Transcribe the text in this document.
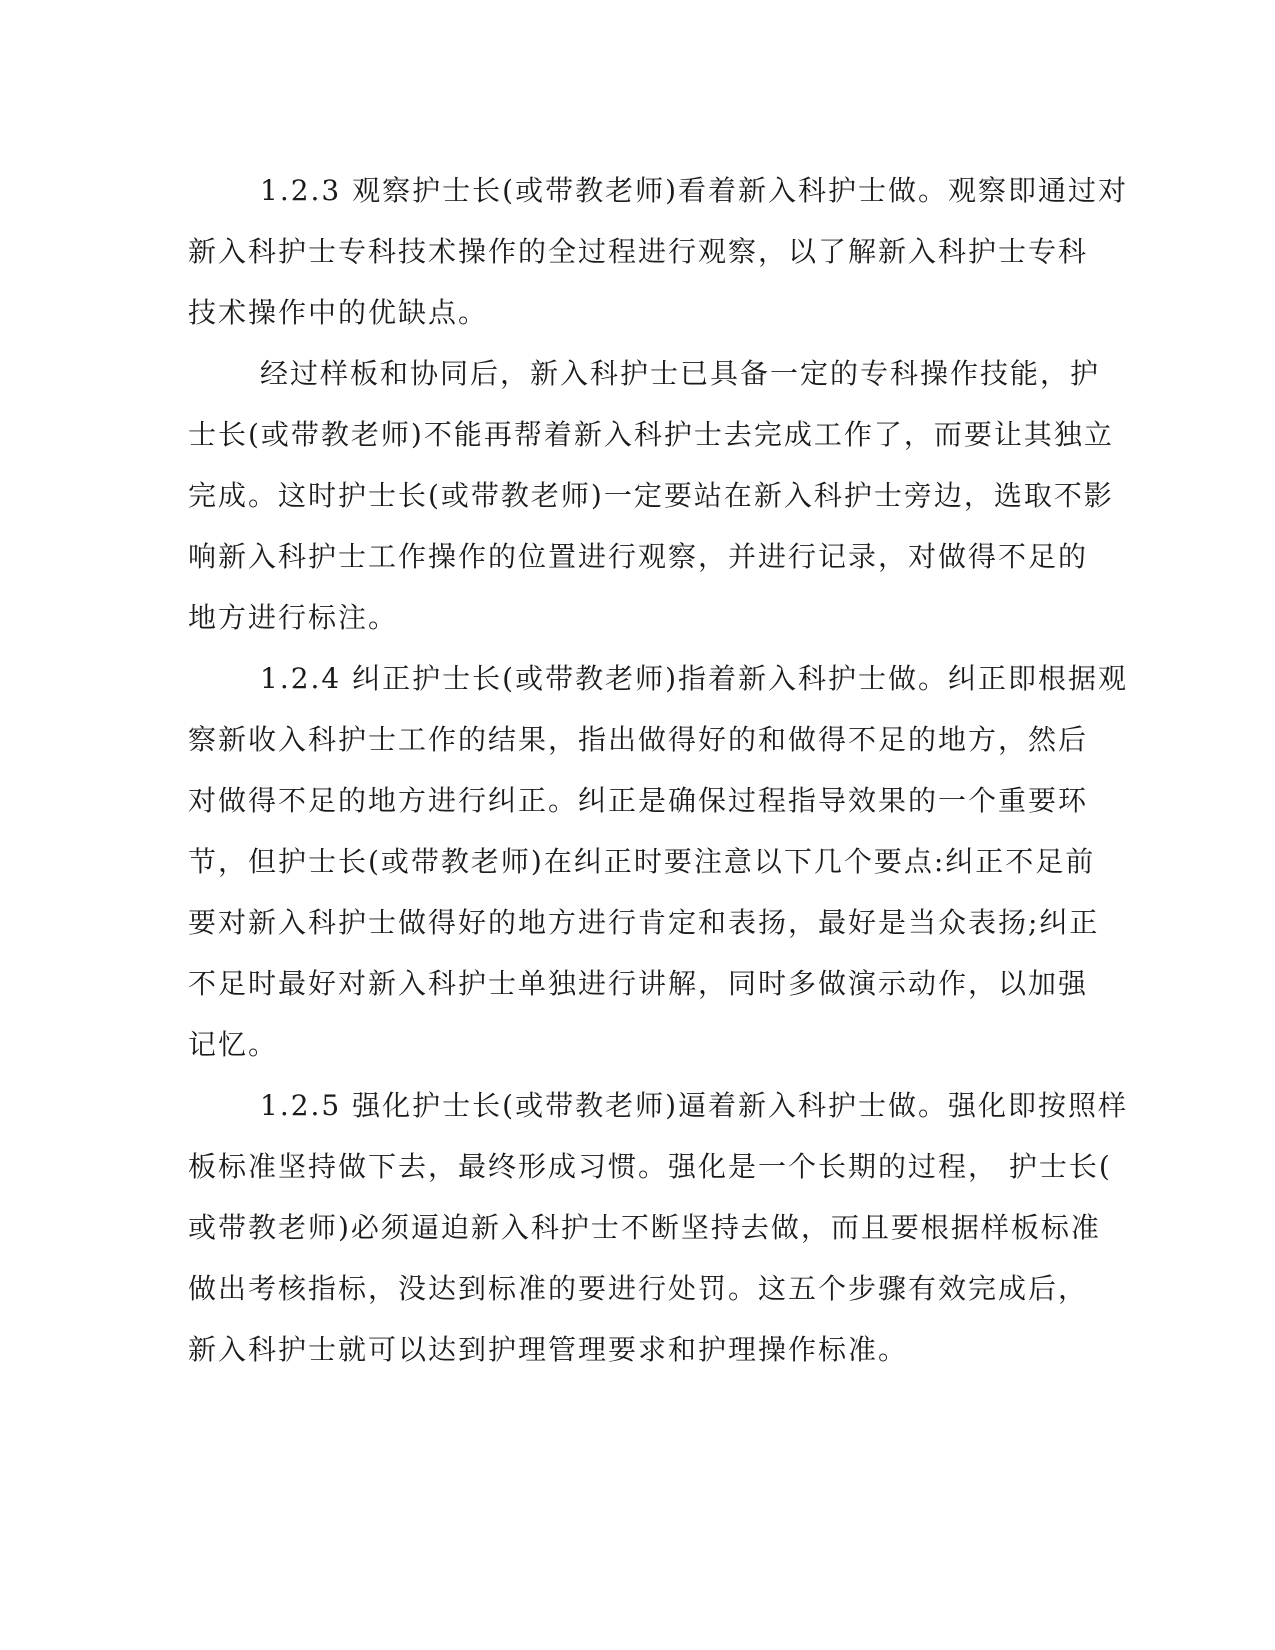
1.2.3 观察护士长(或带教老师)看着新入科护士做。观察即通过对
新入科护士专科技术操作的全过程进行观察，以了解新入科护士专科
技术操作中的优缺点。
经过样板和协同后，新入科护士已具备一定的专科操作技能，护
士长(或带教老师)不能再帮着新入科护士去完成工作了，而要让其独立
完成。这时护士长(或带教老师)一定要站在新入科护士旁边，选取不影
响新入科护士工作操作的位置进行观察，并进行记录，对做得不足的
地方进行标注。
1.2.4 纠正护士长(或带教老师)指着新入科护士做。纠正即根据观
察新收入科护士工作的结果，指出做得好的和做得不足的地方，然后
对做得不足的地方进行纠正。纠正是确保过程指导效果的一个重要环
节，但护士长(或带教老师)在纠正时要注意以下几个要点:纠正不足前
要对新入科护士做得好的地方进行肯定和表扬，最好是当众表扬;纠正
不足时最好对新入科护士单独进行讲解，同时多做演示动作，以加强
记忆。
1.2.5 强化护士长(或带教老师)逼着新入科护士做。强化即按照样
板标准坚持做下去，最终形成习惯。强化是一个长期的过程， 护士长(
或带教老师)必须逼迫新入科护士不断坚持去做，而且要根据样板标准
做出考核指标，没达到标准的要进行处罚。这五个步骤有效完成后，
新入科护士就可以达到护理管理要求和护理操作标准。
